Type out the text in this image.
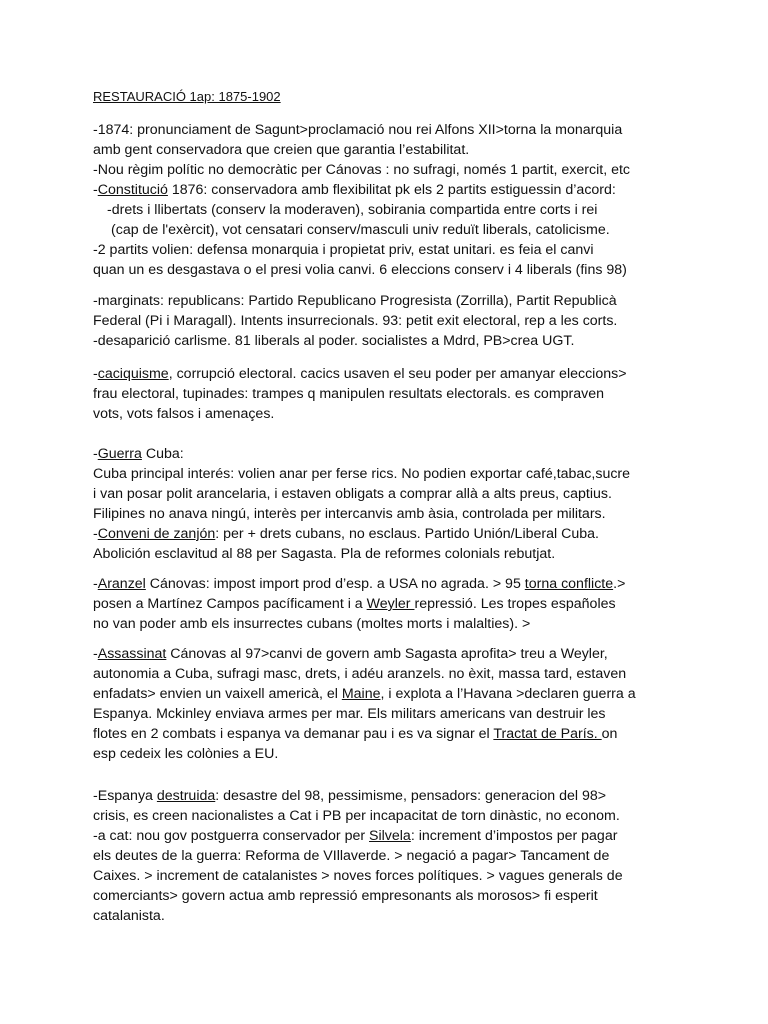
RESTAURACIÓ 1ap: 1875-1902
-1874: pronunciament de Sagunt>proclamació nou rei Alfons XII>torna la monarquia
amb gent conservadora que creien que garantia l’estabilitat.
-Nou règim polític no democràtic per Cánovas : no sufragi, només 1 partit, exercit, etc
-Constitució 1876: conservadora amb flexibilitat pk els 2 partits estiguessin d’acord:
-drets i llibertats (conserv la moderaven), sobirania compartida entre corts i rei
(cap de l'exèrcit), vot censatari conserv/masculi univ reduït liberals, catolicisme.
-2 partits volien: defensa monarquia i propietat priv, estat unitari. es feia el canvi
quan un es desgastava o el presi volia canvi. 6 eleccions conserv i 4 liberals (fins 98)
-marginats: republicans: Partido Republicano Progresista (Zorrilla), Partit Republicà
Federal (Pi i Maragall). Intents insurrecionals. 93: petit exit electoral, rep a les corts.
-desaparició carlisme. 81 liberals al poder. socialistes a Mdrd, PB>crea UGT.
-caciquisme, corrupció electoral. cacics usaven el seu poder per amanyar eleccions>
frau electoral, tupinades: trampes q manipulen resultats electorals. es compraven
vots, vots falsos i amenaçes.
-Guerra Cuba:
Cuba principal interés: volien anar per ferse rics. No podien exportar café,tabac,sucre
i van posar polit arancelaria, i estaven obligats a comprar allà a alts preus, captius.
Filipines no anava ningú, interès per intercanvis amb àsia, controlada per militars.
-Conveni de zanjón: per + drets cubans, no esclaus. Partido Unión/Liberal Cuba.
Abolición esclavitud al 88 per Sagasta. Pla de reformes colonials rebutjat.
-Aranzel Cánovas: impost import prod d’esp. a USA no agrada. > 95 torna conflicte.>
posen a Martínez Campos pacíficament i a Weyler repressió. Les tropes españoles
no van poder amb els insurrectes cubans (moltes morts i malalties). >
-Assassinat Cánovas al 97>canvi de govern amb Sagasta aprofita> treu a Weyler,
autonomia a Cuba, sufragi masc, drets, i adéu aranzels. no èxit, massa tard, estaven
enfadats> envien un vaixell americà, el Maine, i explota a l’Havana >declaren guerra a
Espanya. Mckinley enviava armes per mar. Els militars americans van destruir les
flotes en 2 combats i espanya va demanar pau i es va signar el Tractat de París. on
esp cedeix les colònies a EU.
-Espanya destruida: desastre del 98, pessimisme, pensadors: generacion del 98>
crisis, es creen nacionalistes a Cat i PB per incapacitat de torn dinàstic, no econom.
-a cat: nou gov postguerra conservador per Silvela: increment d’impostos per pagar
els deutes de la guerra: Reforma de VIllaverde. > negació a pagar> Tancament de
Caixes. > increment de catalanistes > noves forces polítiques. > vagues generals de
comerciants> govern actua amb repressió empresonants als morosos> fi esperit
catalanista.
